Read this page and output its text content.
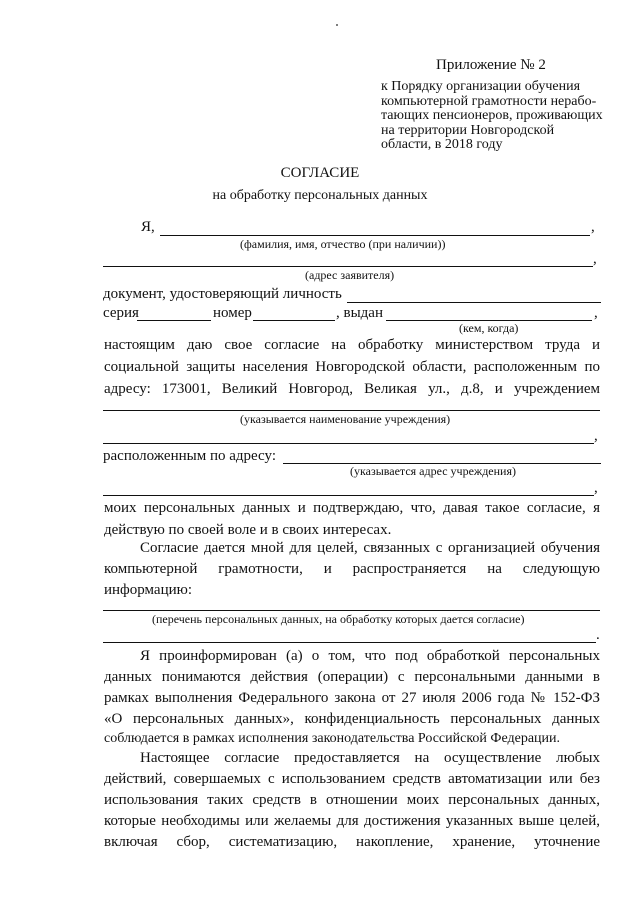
Приложение № 2
к Порядку организации обучения
компьютерной грамотности нерабо-
тающих пенсионеров, проживающих
на территории Новгородской
области, в 2018 году
СОГЛАСИЕ
на обработку персональных данных
Я,	,
(фамилия, имя, отчество (при наличии))
,
(адрес заявителя)
документ, удостоверяющий личность
серия	номер	, выдан	,
(кем, когда)
настоящим даю свое согласие на обработку министерством труда и
социальной защиты населения Новгородской области, расположенным по
адресу: 173001, Великий Новгород, Великая ул., д.8, и учреждением
(указывается наименование учреждения)
,
расположенным по адресу:
(указывается адрес учреждения)
,
моих персональных данных и подтверждаю, что, давая такое согласие, я
действую по своей воле и в своих интересах.
Согласие дается мной для целей, связанных с организацией обучения
компьютерной грамотности, и распространяется на следующую
информацию:
(перечень персональных данных, на обработку которых дается согласие)
.
Я проинформирован (а) о том, что под обработкой персональных
данных понимаются действия (операции) с персональными данными в
рамках выполнения Федерального закона от 27 июля 2006 года № 152-ФЗ
«О персональных данных», конфиденциальность персональных данных
соблюдается в рамках исполнения законодательства Российской Федерации.
Настоящее согласие предоставляется на осуществление любых
действий, совершаемых с использованием средств автоматизации или без
использования таких средств в отношении моих персональных данных,
которые необходимы или желаемы для достижения указанных выше целей,
включая сбор, систематизацию, накопление, хранение, уточнение
